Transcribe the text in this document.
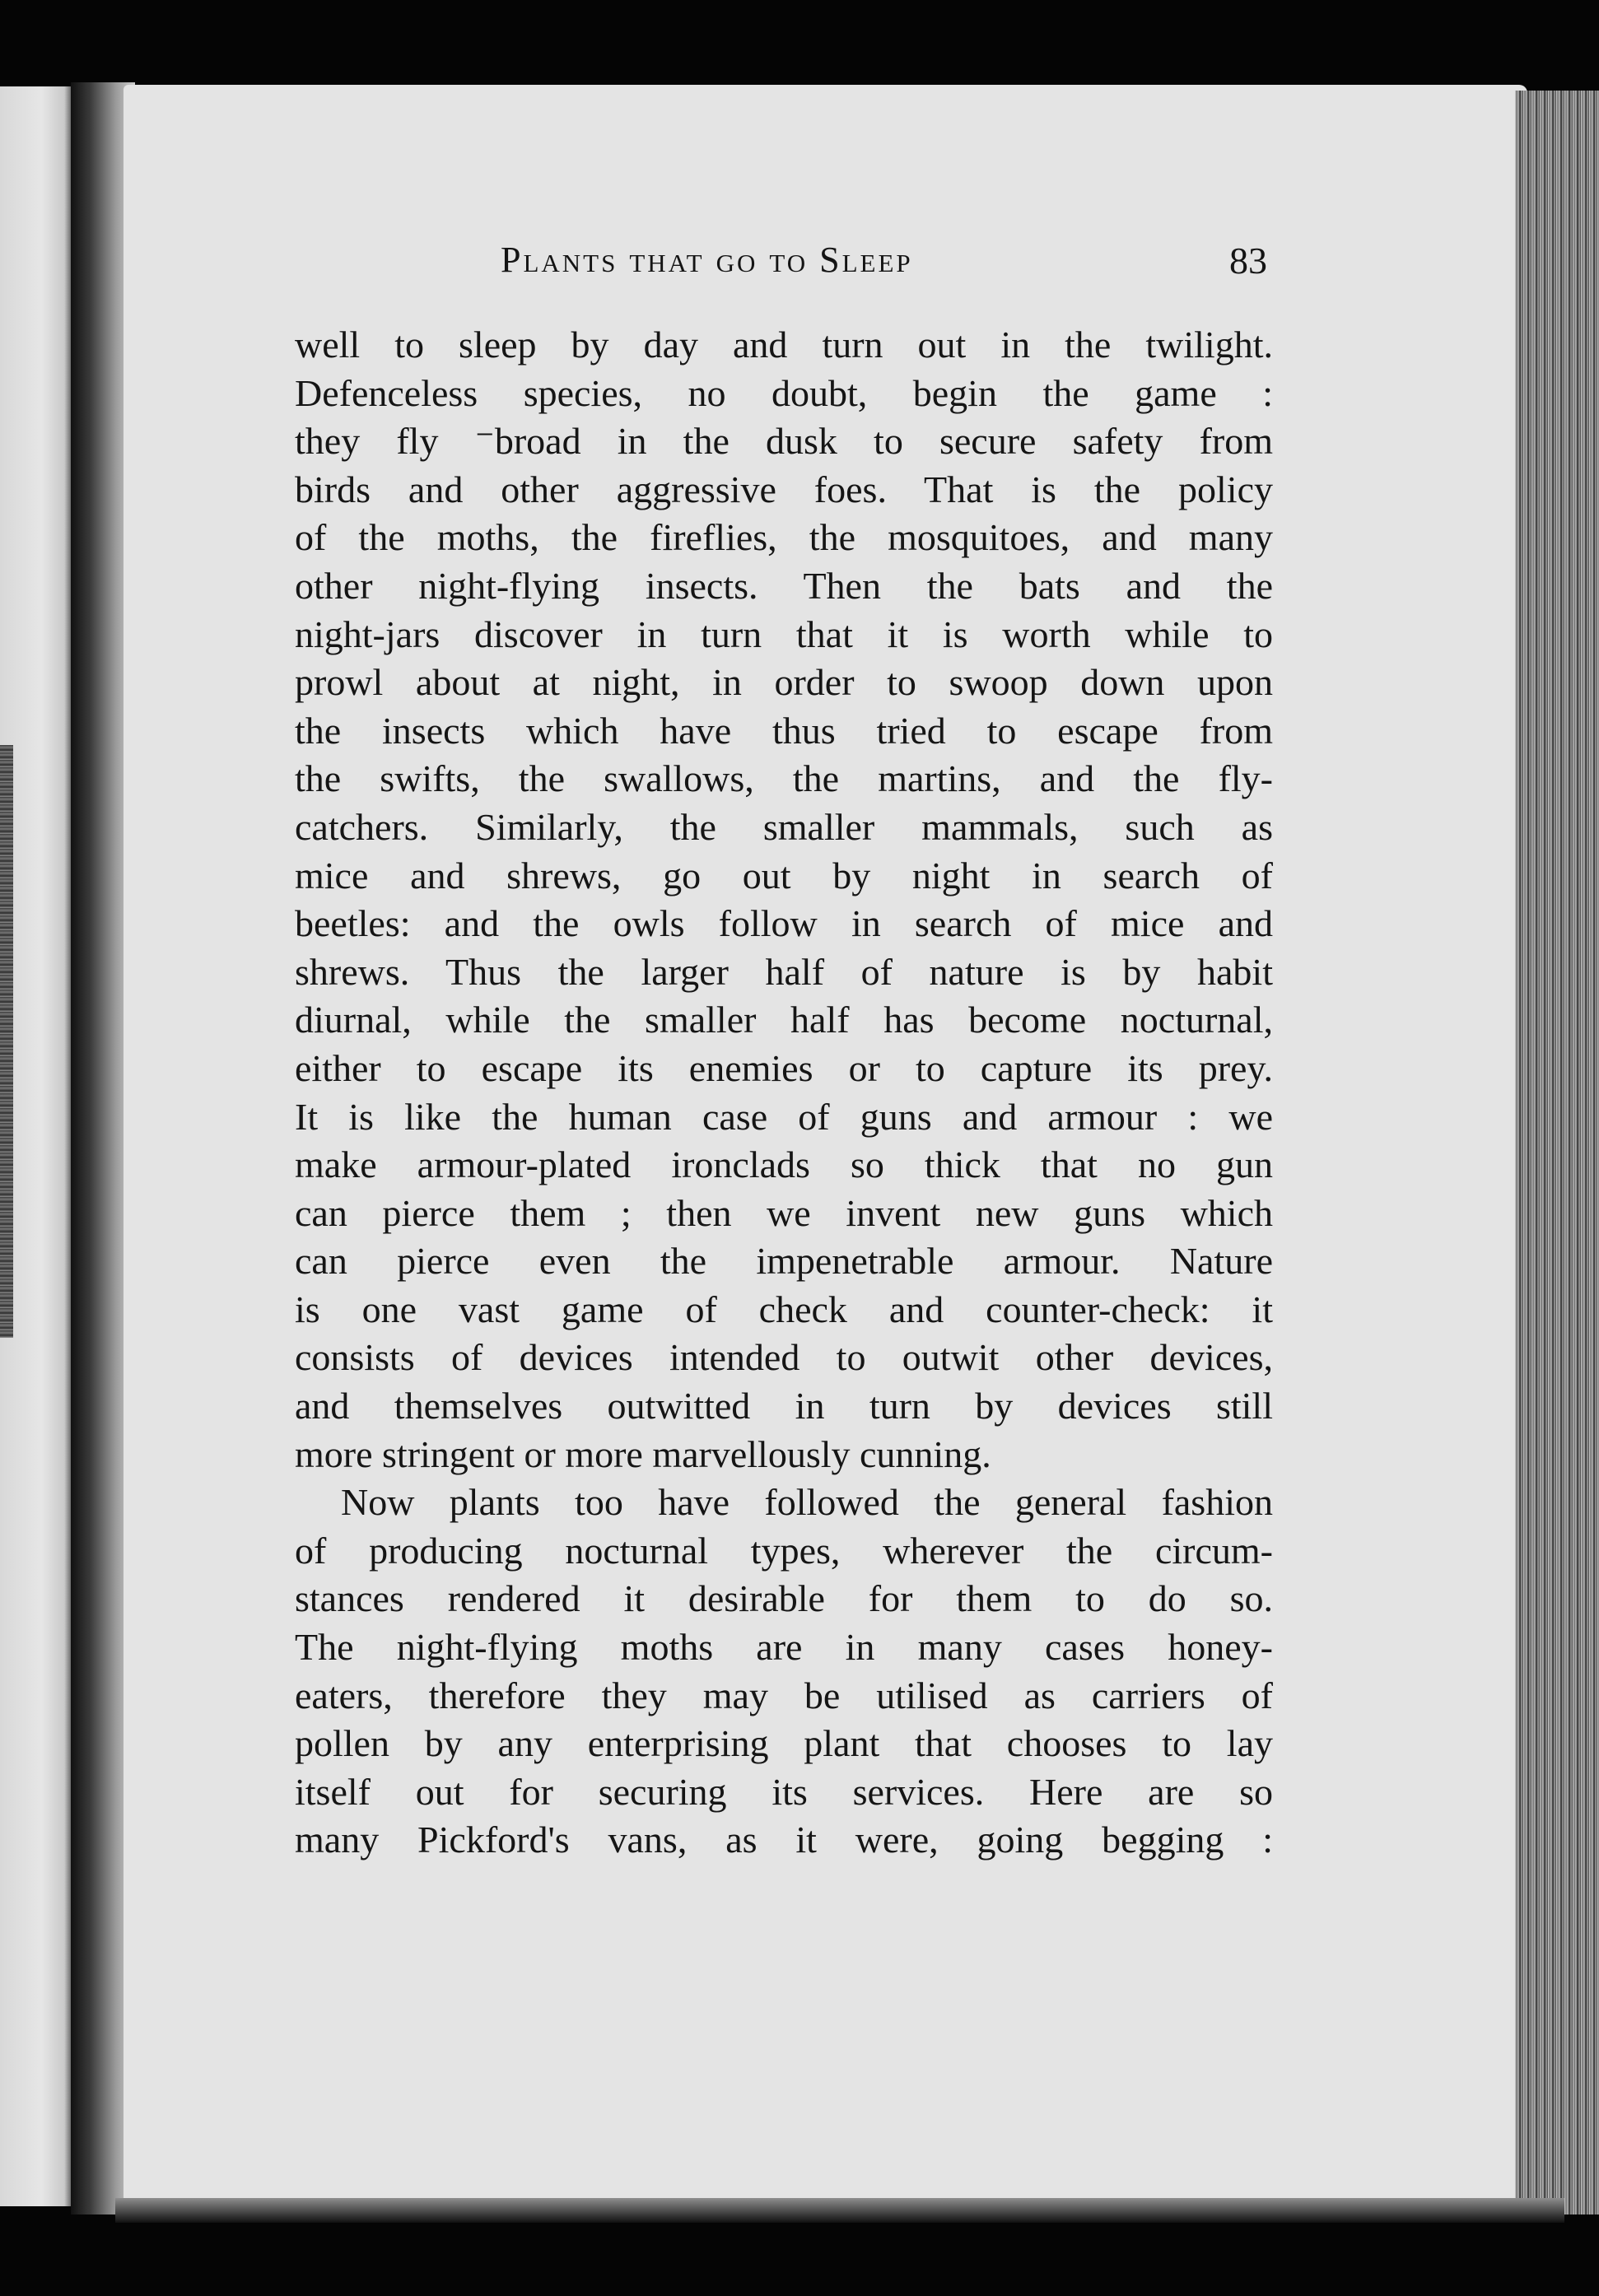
Plants that go to Sleep	83
well to sleep by day and turn out in the twilight.
Defenceless species, no doubt, begin the game :
they fly ⁻broad in the dusk to secure safety from
birds and other aggressive foes. That is the policy
of the moths, the fireflies, the mosquitoes, and many
other night-flying insects. Then the bats and the
night-jars discover in turn that it is worth while to
prowl about at night, in order to swoop down upon
the insects which have thus tried to escape from
the swifts, the swallows, the martins, and the fly-
catchers. Similarly, the smaller mammals, such as
mice and shrews, go out by night in search of
beetles: and the owls follow in search of mice and
shrews. Thus the larger half of nature is by habit
diurnal, while the smaller half has become nocturnal,
either to escape its enemies or to capture its prey.
It is like the human case of guns and armour : we
make armour-plated ironclads so thick that no gun
can pierce them ; then we invent new guns which
can pierce even the impenetrable armour. Nature
is one vast game of check and counter-check: it
consists of devices intended to outwit other devices,
and themselves outwitted in turn by devices still
more stringent or more marvellously cunning.
Now plants too have followed the general fashion
of producing nocturnal types, wherever the circum-
stances rendered it desirable for them to do so.
The night-flying moths are in many cases honey-
eaters, therefore they may be utilised as carriers of
pollen by any enterprising plant that chooses to lay
itself out for securing its services. Here are so
many Pickford's vans, as it were, going begging :
